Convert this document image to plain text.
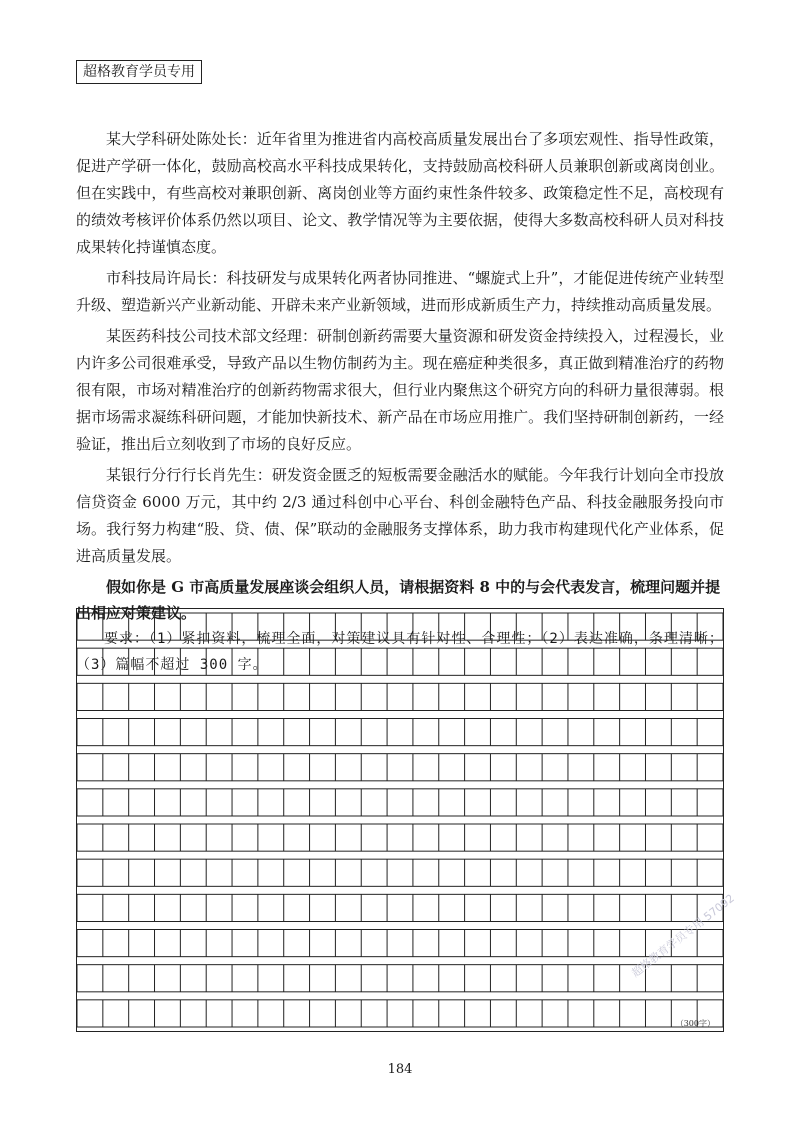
超格教育学员专用

某大学科研处陈处长：近年省里为推进省内高校高质量发展出台了多项宏观性、指导性政策，促进产学研一体化，鼓励高校高水平科技成果转化，支持鼓励高校科研人员兼职创新或离岗创业。但在实践中，有些高校对兼职创新、离岗创业等方面约束性条件较多、政策稳定性不足，高校现有的绩效考核评价体系仍然以项目、论文、教学情况等为主要依据，使得大多数高校科研人员对科技成果转化持谨慎态度。

市科技局许局长：科技研发与成果转化两者协同推进、“螺旋式上升”，才能促进传统产业转型升级、塑造新兴产业新动能、开辟未来产业新领域，进而形成新质生产力，持续推动高质量发展。

某医药科技公司技术部文经理：研制创新药需要大量资源和研发资金持续投入，过程漫长，业内许多公司很难承受，导致产品以生物仿制药为主。现在癌症种类很多，真正做到精准治疗的药物很有限，市场对精准治疗的创新药物需求很大，但行业内聚焦这个研究方向的科研力量很薄弱。根据市场需求凝练科研问题，才能加快新技术、新产品在市场应用推广。我们坚持研制创新药，一经验证，推出后立刻收到了市场的良好反应。

某银行分行行长肖先生：研发资金匮乏的短板需要金融活水的赋能。今年我行计划向全市投放信贷资金 6000 万元，其中约 2/3 通过科创中心平台、科创金融特色产品、科技金融服务投向市场。我行努力构建“股、贷、债、保”联动的金融服务支撑体系，助力我市构建现代化产业体系，促进高质量发展。

假如你是 G 市高质量发展座谈会组织人员，请根据资料 8 中的与会代表发言，梳理问题并提出相应对策建议。

要求：（1）紧扣资料，梳理全面，对策建议具有针对性、合理性；（2）表达准确，条理清晰；（3）篇幅不超过 300 字。

（300字）
超格教育学员专用 57092
184
